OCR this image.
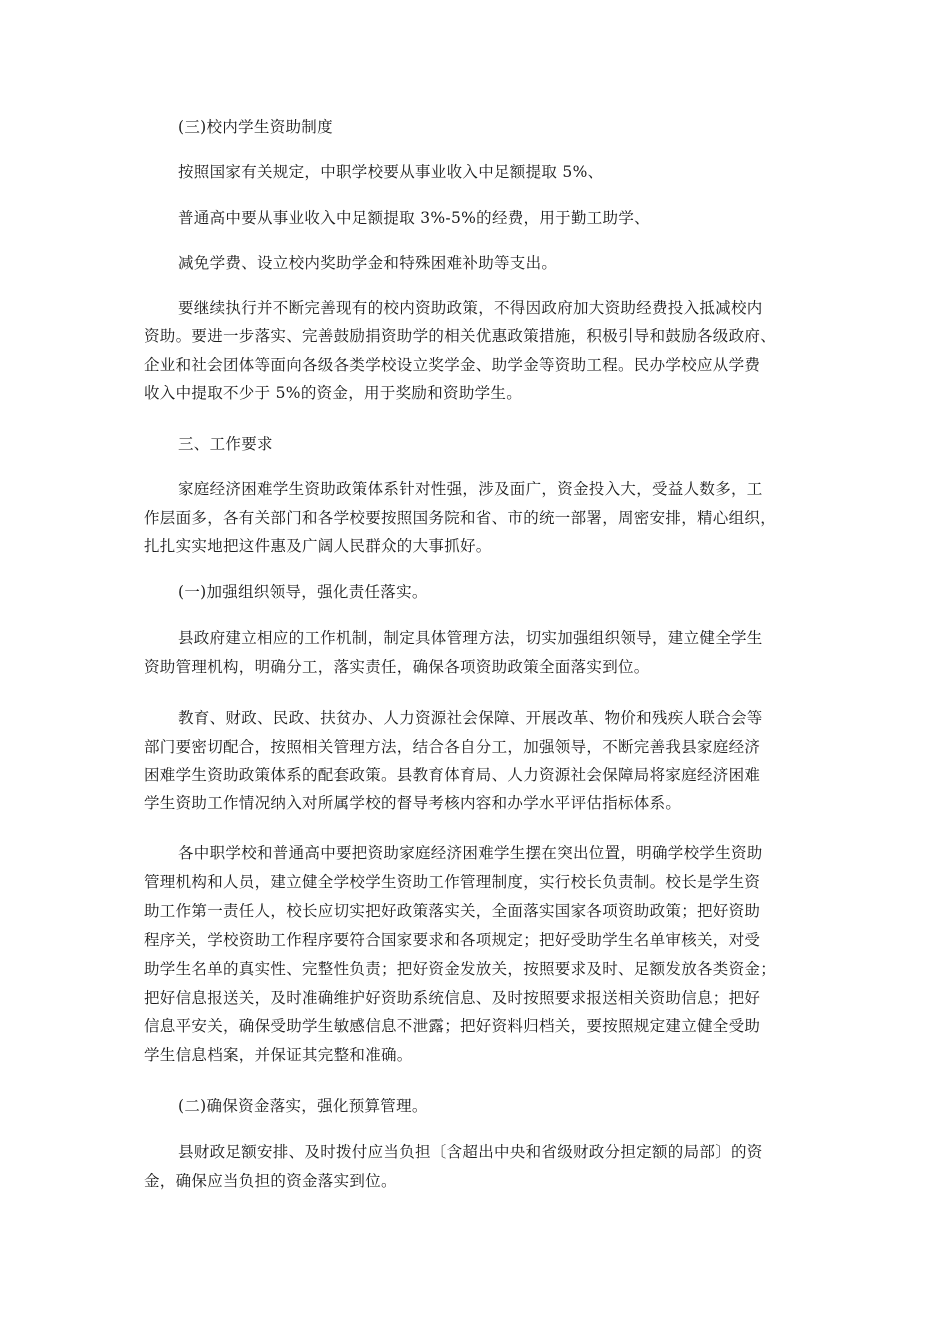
(三)校内学生资助制度
按照国家有关规定，中职学校要从事业收入中足额提取 5%、
普通高中要从事业收入中足额提取 3%-5%的经费，用于勤工助学、
减免学费、设立校内奖助学金和特殊困难补助等支出。
要继续执行并不断完善现有的校内资助政策，不得因政府加大资助经费投入抵减校内
资助。要进一步落实、完善鼓励捐资助学的相关优惠政策措施，积极引导和鼓励各级政府、
企业和社会团体等面向各级各类学校设立奖学金、助学金等资助工程。民办学校应从学费
收入中提取不少于 5%的资金，用于奖励和资助学生。
三、工作要求
家庭经济困难学生资助政策体系针对性强，涉及面广，资金投入大，受益人数多，工
作层面多，各有关部门和各学校要按照国务院和省、市的统一部署，周密安排，精心组织，
扎扎实实地把这件惠及广阔人民群众的大事抓好。
(一)加强组织领导，强化责任落实。
县政府建立相应的工作机制，制定具体管理方法，切实加强组织领导，建立健全学生
资助管理机构，明确分工，落实责任，确保各项资助政策全面落实到位。
教育、财政、民政、扶贫办、人力资源社会保障、开展改革、物价和残疾人联合会等
部门要密切配合，按照相关管理方法，结合各自分工，加强领导，不断完善我县家庭经济
困难学生资助政策体系的配套政策。县教育体育局、人力资源社会保障局将家庭经济困难
学生资助工作情况纳入对所属学校的督导考核内容和办学水平评估指标体系。
各中职学校和普通高中要把资助家庭经济困难学生摆在突出位置，明确学校学生资助
管理机构和人员，建立健全学校学生资助工作管理制度，实行校长负责制。校长是学生资
助工作第一责任人，校长应切实把好政策落实关，全面落实国家各项资助政策；把好资助
程序关，学校资助工作程序要符合国家要求和各项规定；把好受助学生名单审核关，对受
助学生名单的真实性、完整性负责；把好资金发放关，按照要求及时、足额发放各类资金；
把好信息报送关，及时准确维护好资助系统信息、及时按照要求报送相关资助信息；把好
信息平安关，确保受助学生敏感信息不泄露；把好资料归档关，要按照规定建立健全受助
学生信息档案，并保证其完整和准确。
(二)确保资金落实，强化预算管理。
县财政足额安排、及时拨付应当负担〔含超出中央和省级财政分担定额的局部〕的资
金，确保应当负担的资金落实到位。
